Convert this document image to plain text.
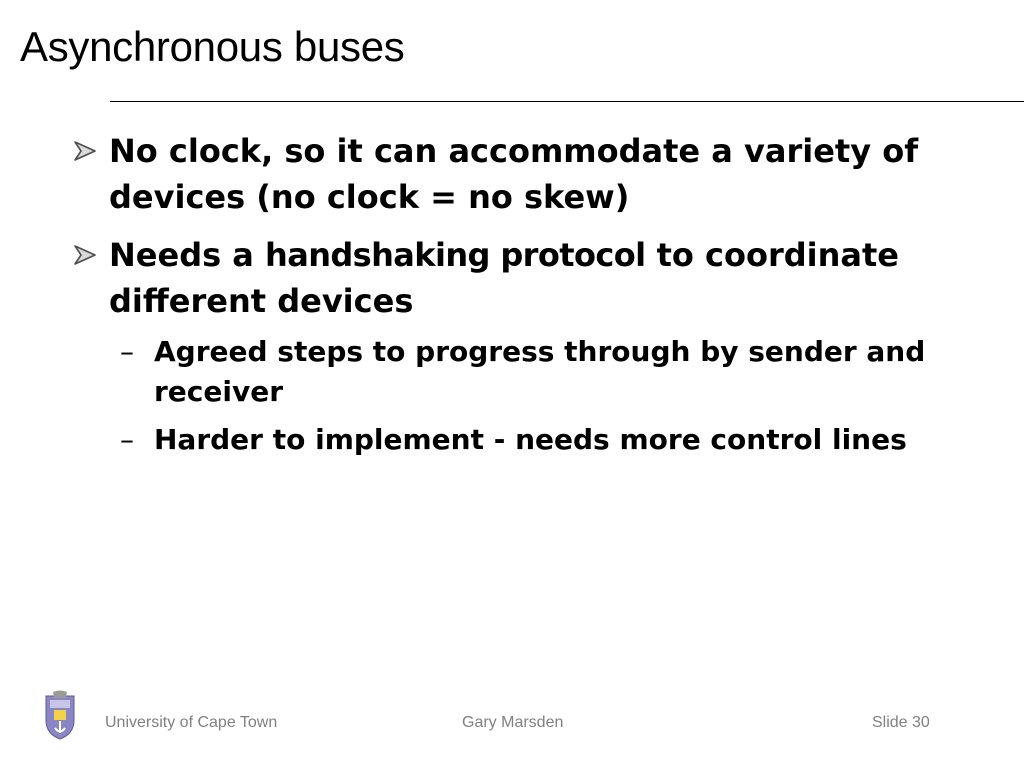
Asynchronous buses
No clock, so it can accommodate a variety of devices (no clock = no skew)
Needs a handshaking protocol to coordinate different devices
– Agreed steps to progress through by sender and receiver
– Harder to implement - needs more control lines
University of Cape Town	Gary Marsden	Slide 30
